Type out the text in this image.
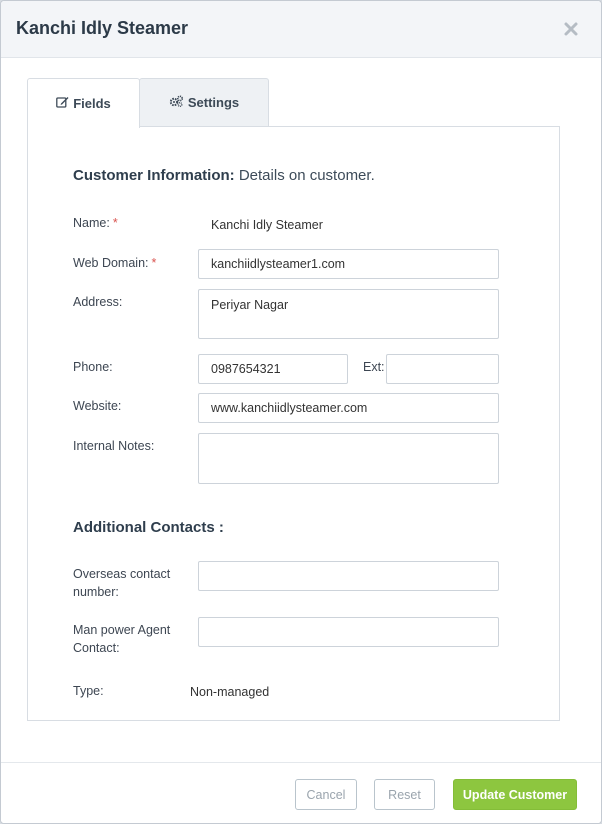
Kanchi Idly Steamer
Fields	Settings
Customer Information: Details on customer.
Name: *	Kanchi Idly Steamer
Web Domain: *
kanchiidlysteamer1.com
Address:
Periyar Nagar
Phone:
0987654321	Ext:
Website:
www.kanchiidlysteamer.com
Internal Notes:
Additional Contacts :
Overseas contact number:
Man power Agent Contact:
Type:	Non-managed
Cancel	Reset	Update Customer
